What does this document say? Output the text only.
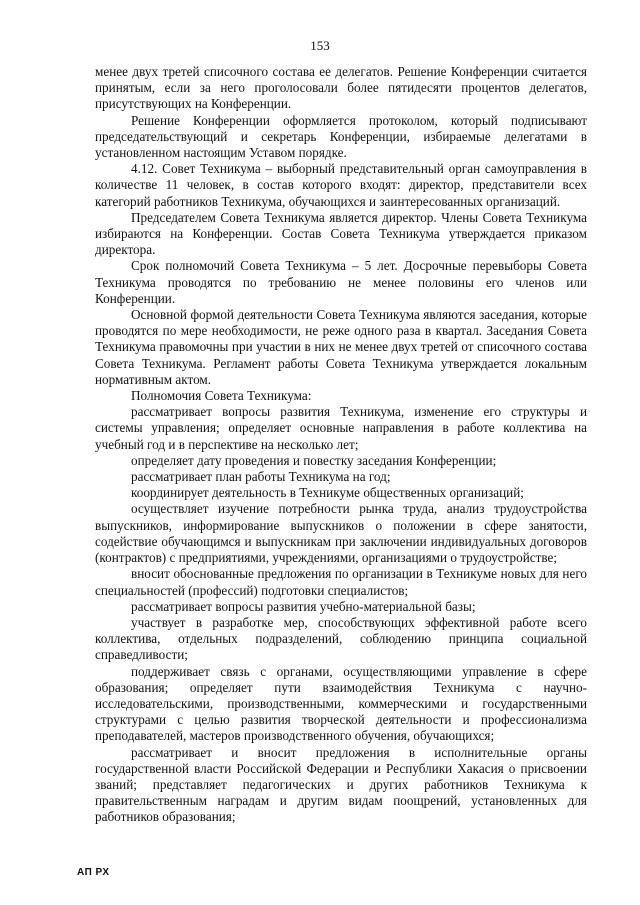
153

менее двух третей списочного состава ее делегатов. Решение Конференции считается принятым, если за него проголосовали более пятидесяти процентов делегатов, присутствующих на Конференции.

Решение Конференции оформляется протоколом, который подписывают председательствующий и секретарь Конференции, избираемые делегатами в установленном настоящим Уставом порядке.

4.12. Совет Техникума – выборный представительный орган самоуправления в количестве 11 человек, в состав которого входят: директор, представители всех категорий работников Техникума, обучающихся и заинтересованных организаций.

Председателем Совета Техникума является директор. Члены Совета Техникума избираются на Конференции. Состав Совета Техникума утверждается приказом директора.

Срок полномочий Совета Техникума – 5 лет. Досрочные перевыборы Совета Техникума проводятся по требованию не менее половины его членов или Конференции.

Основной формой деятельности Совета Техникума являются заседания, которые проводятся по мере необходимости, не реже одного раза в квартал. Заседания Совета Техникума правомочны при участии в них не менее двух третей от списочного состава Совета Техникума. Регламент работы Совета Техникума утверждается локальным нормативным актом.

Полномочия Совета Техникума:

рассматривает вопросы развития Техникума, изменение его структуры и системы управления; определяет основные направления в работе коллектива на учебный год и в перспективе на несколько лет;

определяет дату проведения и повестку заседания Конференции;

рассматривает план работы Техникума на год;

координирует деятельность в Техникуме общественных организаций;

осуществляет изучение потребности рынка труда, анализ трудоустройства выпускников, информирование выпускников о положении в сфере занятости, содействие обучающимся и выпускникам при заключении индивидуальных договоров (контрактов) с предприятиями, учреждениями, организациями о трудоустройстве;

вносит обоснованные предложения по организации в Техникуме новых для него специальностей (профессий) подготовки специалистов;

рассматривает вопросы развития учебно-материальной базы;

участвует в разработке мер, способствующих эффективной работе всего коллектива, отдельных подразделений, соблюдению принципа социальной справедливости;

поддерживает связь с органами, осуществляющими управление в сфере образования; определяет пути взаимодействия Техникума с научно-исследовательскими, производственными, коммерческими и государственными структурами с целью развития творческой деятельности и профессионализма преподавателей, мастеров производственного обучения, обучающихся;

рассматривает и вносит предложения в исполнительные органы государственной власти Российской Федерации и Республики Хакасия о присвоении званий; представляет педагогических и других работников Техникума к правительственным наградам и другим видам поощрений, установленных для работников образования;

АП РХ
